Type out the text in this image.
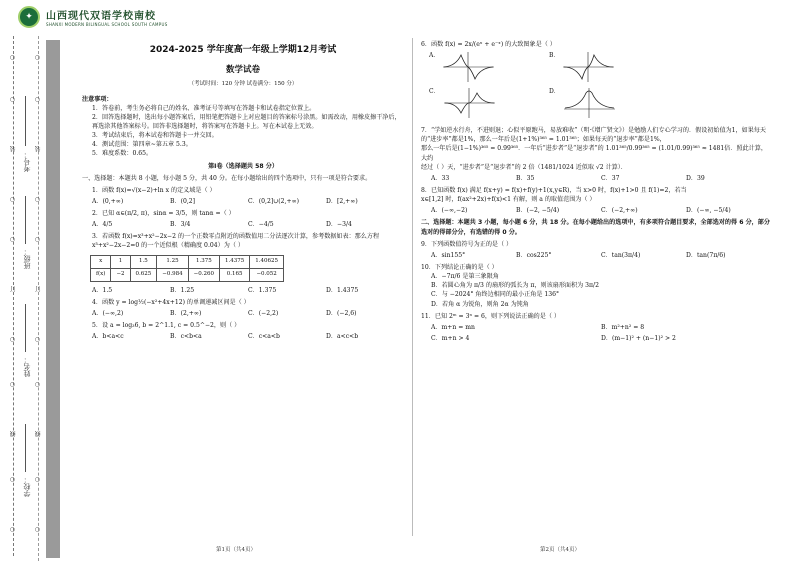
✦	山西现代双语学校南校
SHANXI MODERN BILINGUAL SCHOOL SOUTH CAMPUS
○
○
装
○
○
订
○
○
线
○
○
○
○
装
○
○
订
○
○
线
○
○
学校：
姓名：
班级：
考号：
2024-2025 学年度高一年级上学期12月考试
数学试卷
（考试时间：120 分钟 试卷满分：150 分）

注意事项：

1．答卷前，考生务必将自己的姓名、准考证号等填写在答题卡和试卷指定位置上。

2．回答选择题时，选出每小题答案后，用铅笔把答题卡上对应题目的答案标号涂黑。如需改动，用橡皮擦干净后，再选涂其他答案标号。回答非选择题时，将答案写在答题卡上。写在本试卷上无效。

3．考试结束后，将本试卷和答题卡一并交回。

4．测试范围：第四章~第五章 5.3。

5．难度系数：0.65。

第Ⅰ卷（选择题共 58 分）

一、选择题：本题共 8 小题，每小题 5 分，共 40 分。在每小题给出的四个选项中，只有一项是符合要求。

1．函数 f(x)=√(x−2)+ln x 的定义域是（ ）

A．(0,+∞)	B．(0,2]	C．(0,2]∪(2,+∞)	D．[2,+∞)

2．已知 α∈(π/2, π)，sinα = 3/5，则 tanα =（ ）

A．4/5	B．3/4	C．−4/5	D．−3/4

3．若函数 f(x)=x³+x²−2x−2 的一个正数零点附近的函数值用二分法逐次计算，参考数据如表：那么方程 x³+x²−2x−2=0 的一个近似根（精确度 0.04）为（ ）

x	1	1.5	1.25	1.375	1.4375	1.40625
f(x)	−2	0.625	−0.984	−0.260	0.165	−0.052
A．1.5	B．1.25	C．1.375	D．1.4375

4．函数 y = log½(−x²+4x+12) 的单调递减区间是（ ）

A．(−∞,2)	B．(2,+∞)	C．(−2,2)	D．(−2,6)

5．设 a = log₃6, b = 2^1.1, c = 0.5^−2，则（ ）

A．b<a<c	B．c<b<a	C．c<a<b	D．a<c<b

6．函数 f(x) = 2x/(eˣ + e⁻ˣ) 的大致图象是（ ）

A．	B．
C．	D．

7．“学如逆水行舟，不进则退；心似平原跑马，易放难收”（明·《增广贤文》）是勉励人们专心学习的．假设初始值为1，如果每天的“进步率”都是1%，那么一年后是(1+1%)³⁶⁵ = 1.01³⁶⁵；如果每天的“退步率”都是1%，

那么一年后是(1−1%)³⁶⁵ = 0.99³⁶⁵．一年后“进步者”是“退步者”的 1.01³⁶⁵/0.99³⁶⁵ = (1.01/0.99)³⁶⁵ ≈ 1481倍．照此计算，大约

经过（ ）天，“进步者”是“退步者”的 2 倍（1481/1024 近似取 √2 计算）．

A．33	B．35	C．37	D．39

8．已知函数 f(x) 满足 f(x+y) = f(x)+f(y)+1(x,y∈R)，当 x>0 时，f(x)+1>0 且 f(1)=2，若当

x∈[1,2] 时，f(ax²+2x)+f(x)<1 有解，则 a 的取值范围为（ ）

A．(−∞,−2)	B．(−2, −5/4)	C．(−2,+∞)	D．(−∞, −5/4)

二、选择题：本题共 3 小题，每小题 6 分，共 18 分。在每小题给出的选项中，有多项符合题目要求，全部选对的得 6 分，部分选对的得部分分，有选错的得 0 分。

9．下列函数值符号为正的是（ ）

A．sin155°	B．cos225°	C．tan(3π/4)	D．tan(7π/6)

10．下列结论正确的是（ ）

A．−7π/6 是第三象限角

B．若圆心角为 π/3 的扇形的弧长为 π，则该扇形面积为 3π/2

C．与 −2024° 角终边相同的最小正角是 136°

D．若角 α 为锐角，则角 2α 为钝角

11．已知 2ᵐ = 3ⁿ = 6，则下列说法正确的是（ ）

A．m+n = mn	B．m²+n² = 8
C．m+n > 4	D．(m−1)² + (n−1)² > 2
第1页（共4页）	第2页（共4页）
